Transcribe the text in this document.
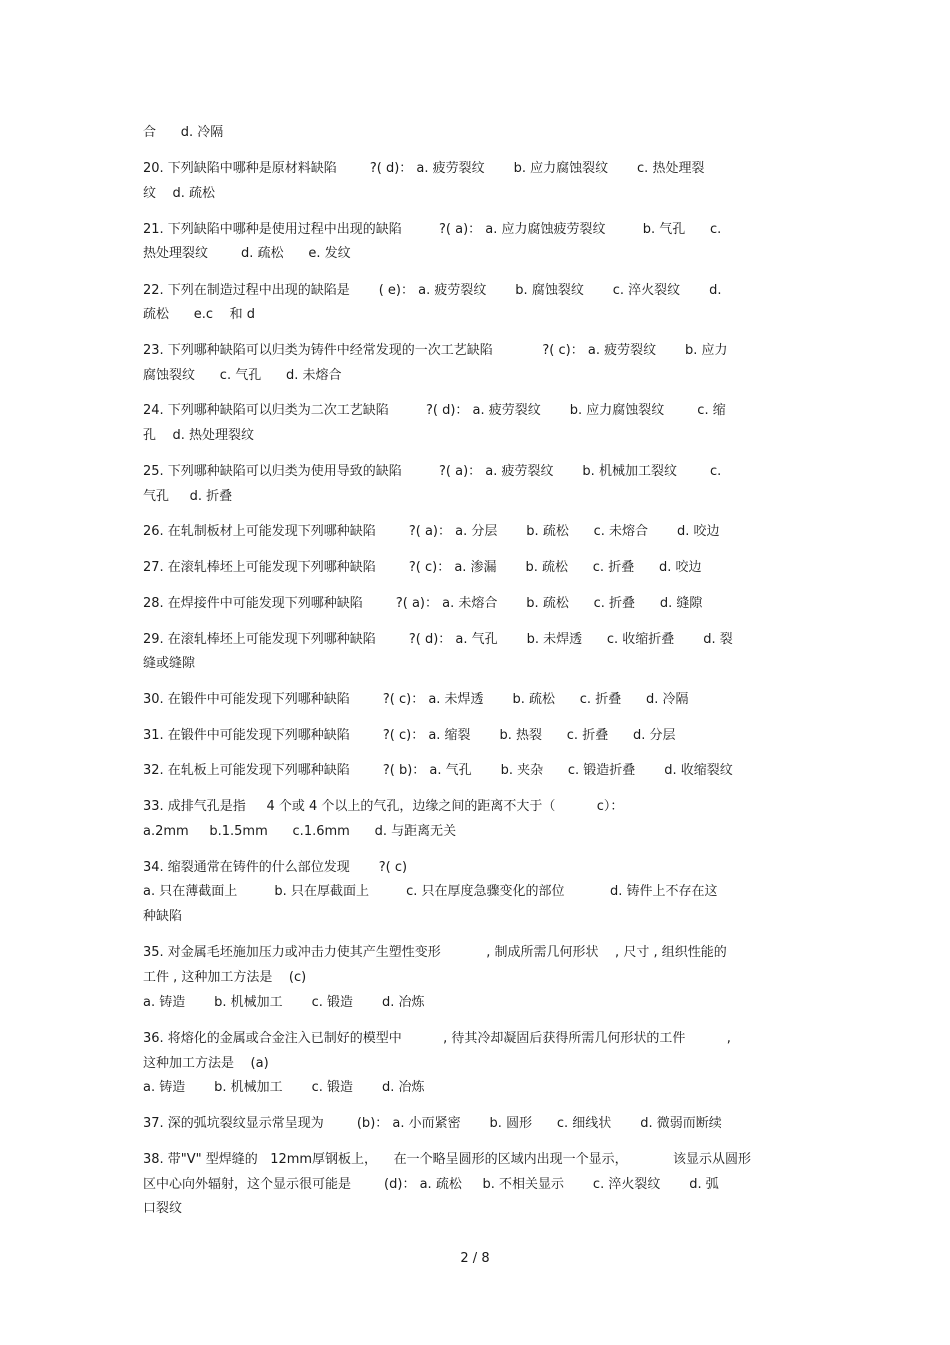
合      d. 冷隔
20. 下列缺陷中哪种是原材料缺陷        ?( d)： a. 疲劳裂纹       b. 应力腐蚀裂纹       c. 热处理裂
纹    d. 疏松
21. 下列缺陷中哪种是使用过程中出现的缺陷         ?( a)： a. 应力腐蚀疲劳裂纹         b. 气孔      c.
热处理裂纹        d. 疏松      e. 发纹
22. 下列在制造过程中出现的缺陷是       ( e)： a. 疲劳裂纹       b. 腐蚀裂纹       c. 淬火裂纹       d.
疏松      e.c    和 d
23. 下列哪种缺陷可以归类为铸件中经常发现的一次工艺缺陷            ?( c)： a. 疲劳裂纹       b. 应力
腐蚀裂纹      c. 气孔      d. 未熔合
24. 下列哪种缺陷可以归类为二次工艺缺陷         ?( d)： a. 疲劳裂纹       b. 应力腐蚀裂纹        c. 缩
孔    d. 热处理裂纹
25. 下列哪种缺陷可以归类为使用导致的缺陷         ?( a)： a. 疲劳裂纹       b. 机械加工裂纹        c.
气孔     d. 折叠
26. 在轧制板材上可能发现下列哪种缺陷        ?( a)： a. 分层       b. 疏松      c. 未熔合       d. 咬边
27. 在滚轧棒坯上可能发现下列哪种缺陷        ?( c)： a. 渗漏       b. 疏松      c. 折叠      d. 咬边
28. 在焊接件中可能发现下列哪种缺陷        ?( a)： a. 未熔合       b. 疏松      c. 折叠      d. 缝隙
29. 在滚轧棒坯上可能发现下列哪种缺陷        ?( d)： a. 气孔       b. 未焊透      c. 收缩折叠       d. 裂
缝或缝隙
30. 在锻件中可能发现下列哪种缺陷        ?( c)： a. 未焊透       b. 疏松      c. 折叠      d. 冷隔
31. 在锻件中可能发现下列哪种缺陷        ?( c)： a. 缩裂       b. 热裂      c. 折叠      d. 分层
32. 在轧板上可能发现下列哪种缺陷        ?( b)： a. 气孔       b. 夹杂      c. 锻造折叠       d. 收缩裂纹
33. 成排气孔是指     4 个或 4 个以上的气孔，边缘之间的距离不大于（          c）：
a.2mm     b.1.5mm      c.1.6mm      d. 与距离无关
34. 缩裂通常在铸件的什么部位发现       ?( c)
a. 只在薄截面上         b. 只在厚截面上         c. 只在厚度急骤变化的部位           d. 铸件上不存在这
种缺陷
35. 对金属毛坯施加压力或冲击力使其产生塑性变形           , 制成所需几何形状    , 尺寸 , 组织性能的
工件 , 这种加工方法是    (c)
a. 铸造       b. 机械加工       c. 锻造       d. 冶炼
36. 将熔化的金属或合金注入已制好的模型中          , 待其冷却凝固后获得所需几何形状的工件          ,
这种加工方法是    (a)
a. 铸造       b. 机械加工       c. 锻造       d. 冶炼
37. 深的弧坑裂纹显示常呈现为        (b)： a. 小而紧密       b. 圆形      c. 细线状       d. 微弱而断续
38. 带"V" 型焊缝的   12mm厚钢板上，    在一个略呈圆形的区域内出现一个显示，           该显示从圆形
区中心向外辐射，这个显示很可能是        (d)： a. 疏松     b. 不相关显示       c. 淬火裂纹       d. 弧
口裂纹
2 / 8
